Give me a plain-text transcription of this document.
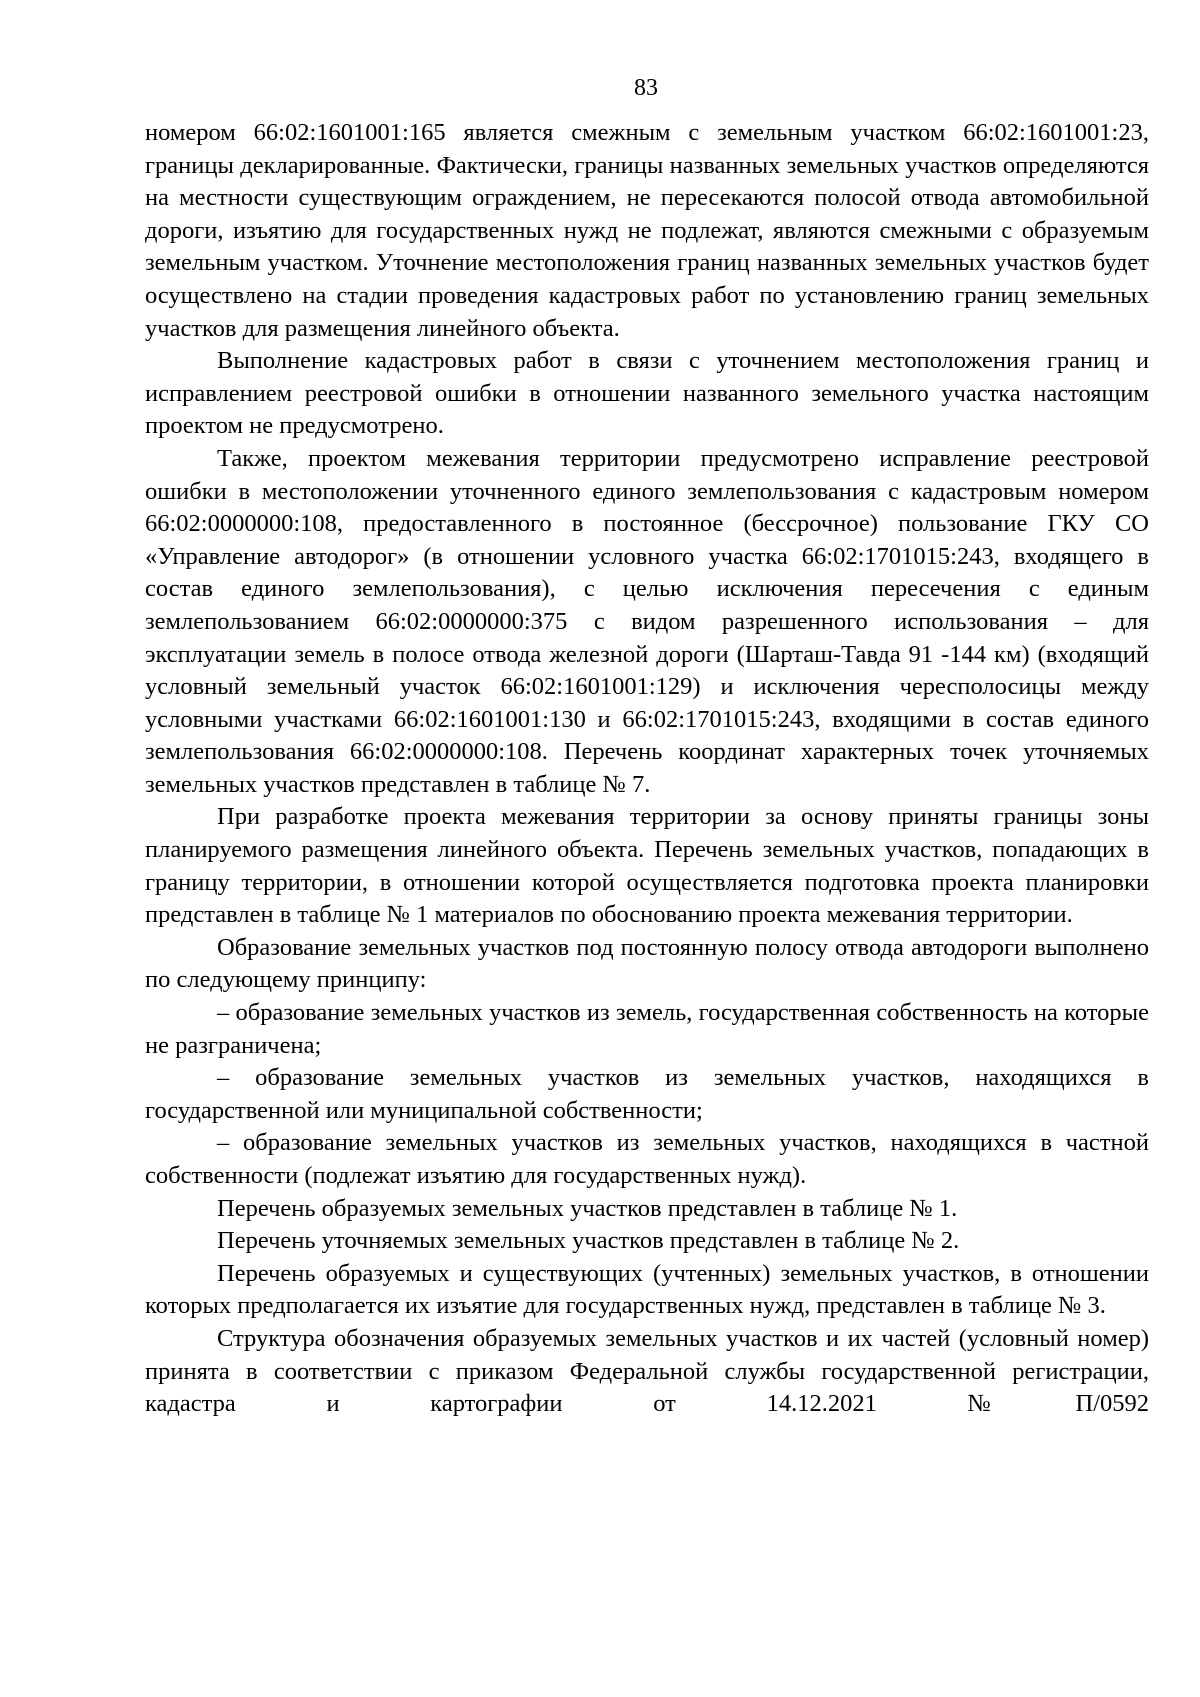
83

номером 66:02:1601001:165 является смежным с земельным участком 66:02:1601001:23, границы декларированные. Фактически, границы названных земельных участков определяются на местности существующим ограждением, не пересекаются полосой отвода автомобильной дороги, изъятию для государственных нужд не подлежат, являются смежными с образуемым земельным участком. Уточнение местоположения границ названных земельных участков будет осуществлено на стадии проведения кадастровых работ по установлению границ земельных участков для размещения линейного объекта.

Выполнение кадастровых работ в связи с уточнением местоположения границ и исправлением реестровой ошибки в отношении названного земельного участка настоящим проектом не предусмотрено.

Также, проектом межевания территории предусмотрено исправление реестровой ошибки в местоположении уточненного единого землепользования с кадастровым номером 66:02:0000000:108, предоставленного в постоянное (бессрочное) пользование ГКУ СО «Управление автодорог» (в отношении условного участка 66:02:1701015:243, входящего в состав единого землепользования), с целью исключения пересечения с единым землепользованием 66:02:0000000:375 с видом разрешенного использования – для эксплуатации земель в полосе отвода железной дороги (Шарташ-Тавда 91 -144 км) (входящий условный земельный участок 66:02:1601001:129) и исключения чересполосицы между условными участками 66:02:1601001:130 и 66:02:1701015:243, входящими в состав единого землепользования 66:02:0000000:108. Перечень координат характерных точек уточняемых земельных участков представлен в таблице № 7.

При разработке проекта межевания территории за основу приняты границы зоны планируемого размещения линейного объекта. Перечень земельных участков, попадающих в границу территории, в отношении которой осуществляется подготовка проекта планировки представлен в таблице № 1 материалов по обоснованию проекта межевания территории.

Образование земельных участков под постоянную полосу отвода автодороги выполнено по следующему принципу:

– образование земельных участков из земель, государственная собственность на которые не разграничена;

– образование земельных участков из земельных участков, находящихся в государственной или муниципальной собственности;

– образование земельных участков из земельных участков, находящихся в частной собственности (подлежат изъятию для государственных нужд).

Перечень образуемых земельных участков представлен в таблице № 1.

Перечень уточняемых земельных участков представлен в таблице № 2.

Перечень образуемых и существующих (учтенных) земельных участков, в отношении которых предполагается их изъятие для государственных нужд, представлен в таблице № 3.

Структура обозначения образуемых земельных участков и их частей (условный номер) принята в соответствии с приказом Федеральной службы государственной регистрации, кадастра и картографии от 14.12.2021 №П/0592
